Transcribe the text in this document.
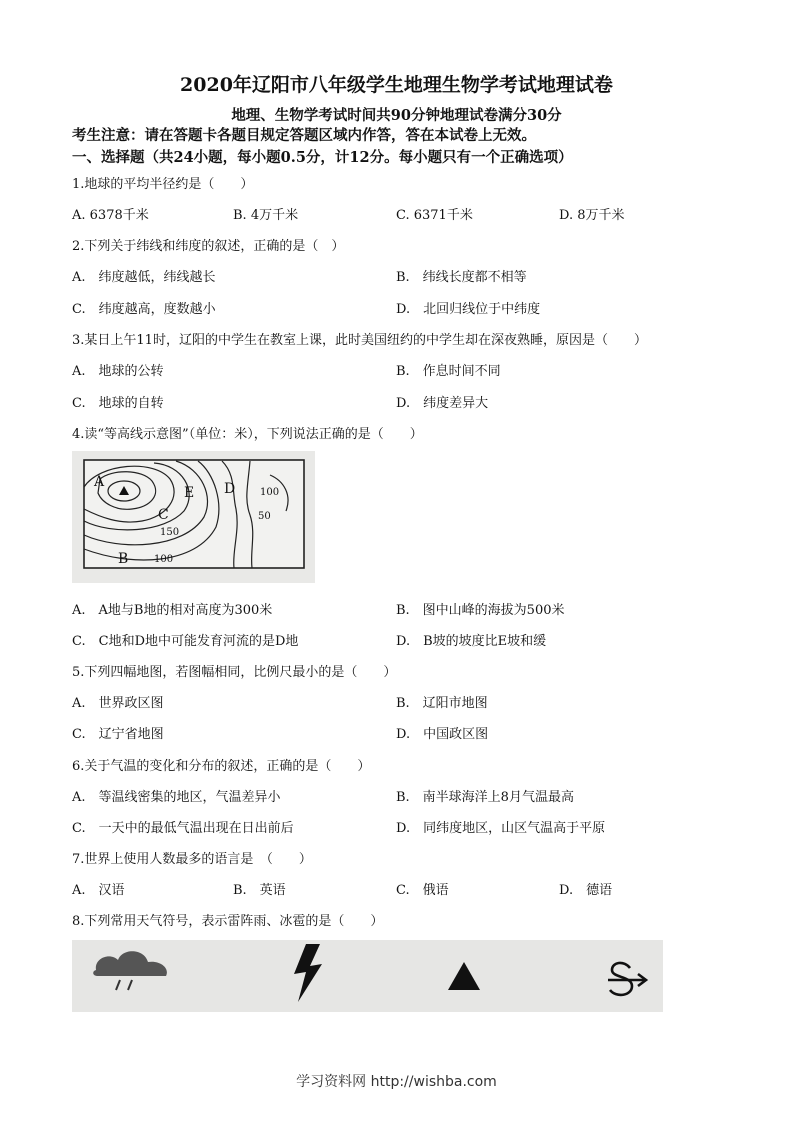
2020年辽阳市八年级学生地理生物学考试地理试卷
地理、生物学考试时间共90分钟地理试卷满分30分
考生注意：请在答题卡各题目规定答题区域内作答，答在本试卷上无效。
一、选择题（共24小题，每小题0.5分，计12分。每小题只有一个正确选项）
1.地球的平均半径约是（　　）
A. 6378千米	B. 4万千米	C. 6371千米	D. 8万千米
2.下列关于纬线和纬度的叙述，正确的是（　）
A.　纬度越低，纬线越长	B.　纬线长度都不相等
C.　纬度越高，度数越小	D.　北回归线位于中纬度
3.某日上午11时，辽阳的中学生在教室上课，此时美国纽约的中学生却在深夜熟睡，原因是（　　）
A.　地球的公转	B.　作息时间不同
C.　地球的自转	D.　纬度差异大
4.读“等高线示意图”（单位：米），下列说法正确的是（　　）
A
B
C
D
E
150
100
100
50
A.　A地与B地的相对高度为300米	B.　图中山峰的海拔为500米
C.　C地和D地中可能发育河流的是D地	D.　B坡的坡度比E坡和缓
5.下列四幅地图，若图幅相同，比例尺最小的是（　　）
A.　世界政区图	B.　辽阳市地图
C.　辽宁省地图	D.　中国政区图
6.关于气温的变化和分布的叙述，正确的是（　　）
A.　等温线密集的地区，气温差异小	B.　南半球海洋上8月气温最高
C.　一天中的最低气温出现在日出前后	D.　同纬度地区，山区气温高于平原
7.世界上使用人数最多的语言是　（　　）
A.　汉语	B.　英语	C.　俄语	D.　德语
8.下列常用天气符号，表示雷阵雨、冰雹的是（　　）
学习资料网 http://wishba.com
